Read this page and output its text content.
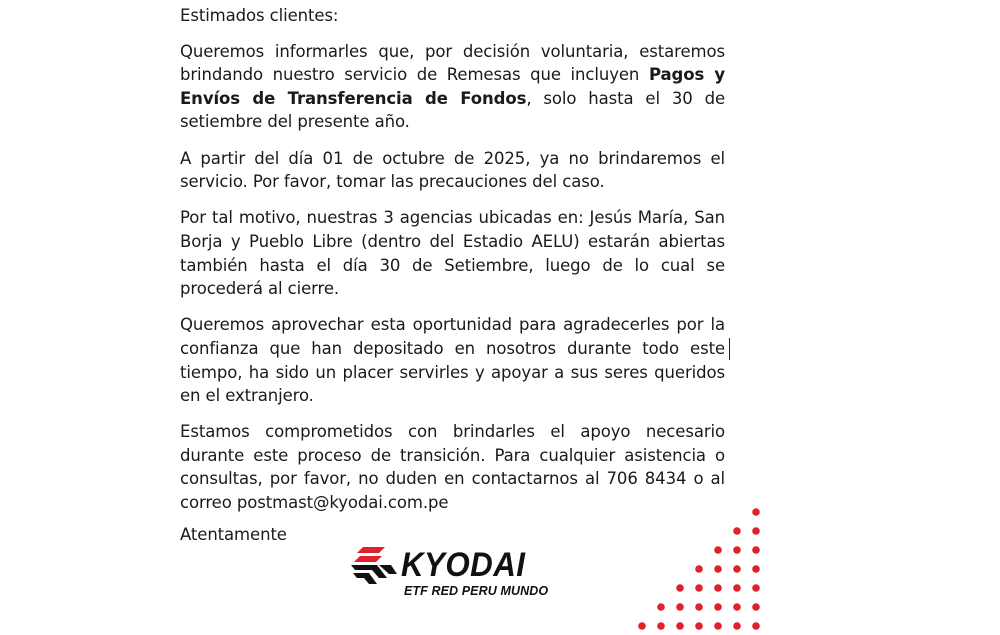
Estimados clientes:

Queremos informarles que, por decisión voluntaria, estaremos brindando nuestro servicio de Remesas que incluyen Pagos y Envíos de Transferencia de Fondos, solo hasta el 30 de setiembre del presente año.

A partir del día 01 de octubre de 2025, ya no brindaremos el servicio. Por favor, tomar las precauciones del caso.

Por tal motivo, nuestras 3 agencias ubicadas en: Jesús María, San Borja y Pueblo Libre (dentro del Estadio AELU) estarán abiertas también hasta el día 30 de Setiembre, luego de lo cual se procederá al cierre.

Queremos aprovechar esta oportunidad para agradecerles por la confianza que han depositado en nosotros durante todo este tiempo, ha sido un placer servirles y apoyar a sus seres queridos en el extranjero.

Estamos comprometidos con brindarles el apoyo necesario durante este proceso de transición. Para cualquier asistencia o consultas, por favor, no duden en contactarnos al 706 8434 o al correo postmast@kyodai.com.pe

Atentamente
KYODAI
ETF RED PERU MUNDO
